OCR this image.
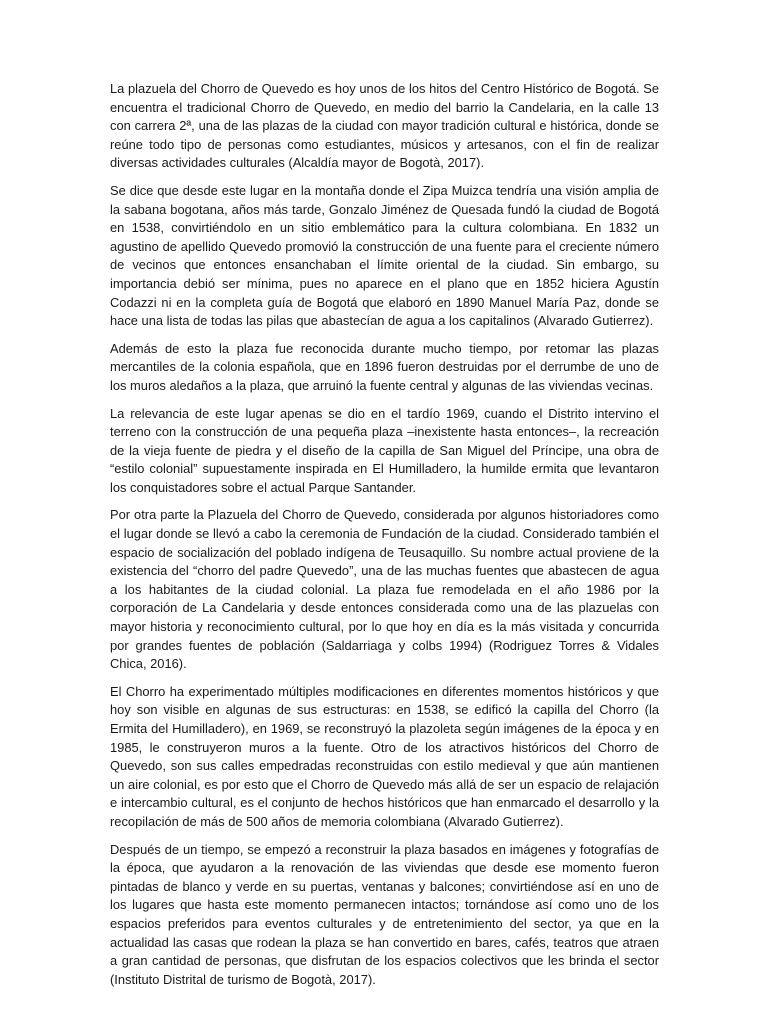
La plazuela del Chorro de Quevedo es hoy unos de los hitos del Centro Histórico de Bogotá. Se encuentra el tradicional Chorro de Quevedo, en medio del barrio la Candelaria, en la calle 13 con carrera 2ª, una de las plazas de la ciudad con mayor tradición cultural e histórica, donde se reúne todo tipo de personas como estudiantes, músicos y artesanos, con el fin de realizar diversas actividades culturales (Alcaldía mayor de Bogotà, 2017).

Se dice que desde este lugar en la montaña donde el Zipa Muizca tendría una visión amplia de la sabana bogotana, años más tarde, Gonzalo Jiménez de Quesada fundó la ciudad de Bogotá en 1538, convirtiéndolo en un sitio emblemático para la cultura colombiana. En 1832 un agustino de apellido Quevedo promovió la construcción de una fuente para el creciente número de vecinos que entonces ensanchaban el límite oriental de la ciudad. Sin embargo, su importancia debió ser mínima, pues no aparece en el plano que en 1852 hiciera Agustín Codazzi ni en la completa guía de Bogotá que elaboró en 1890 Manuel María Paz, donde se hace una lista de todas las pilas que abastecían de agua a los capitalinos (Alvarado Gutierrez).

Además de esto la plaza fue reconocida durante mucho tiempo, por retomar las plazas mercantiles de la colonia española, que en 1896 fueron destruidas por el derrumbe de uno de los muros aledaños a la plaza, que arruinó la fuente central y algunas de las viviendas vecinas.

La relevancia de este lugar apenas se dio en el tardío 1969, cuando el Distrito intervino el terreno con la construcción de una pequeña plaza –inexistente hasta entonces–, la recreación de la vieja fuente de piedra y el diseño de la capilla de San Miguel del Príncipe, una obra de “estilo colonial” supuestamente inspirada en El Humilladero, la humilde ermita que levantaron los conquistadores sobre el actual Parque Santander.

Por otra parte la Plazuela del Chorro de Quevedo, considerada por algunos historiadores como el lugar donde se llevó a cabo la ceremonia de Fundación de la ciudad. Considerado también el espacio de socialización del poblado indígena de Teusaquillo. Su nombre actual proviene de la existencia del “chorro del padre Quevedo”, una de las muchas fuentes que abastecen de agua a los habitantes de la ciudad colonial. La plaza fue remodelada en el año 1986 por la corporación de La Candelaria y desde entonces considerada como una de las plazuelas con mayor historia y reconocimiento cultural, por lo que hoy en día es la más visitada y concurrida por grandes fuentes de población (Saldarriaga y colbs 1994) (Rodriguez Torres & Vidales Chica, 2016).

El Chorro ha experimentado múltiples modificaciones en diferentes momentos históricos y que hoy son visible en algunas de sus estructuras: en 1538, se edificó la capilla del Chorro (la Ermita del Humilladero), en 1969, se reconstruyó la plazoleta según imágenes de la época y en 1985, le construyeron muros a la fuente. Otro de los atractivos históricos del Chorro de Quevedo, son sus calles empedradas reconstruidas con estilo medieval y que aún mantienen un aire colonial, es por esto que el Chorro de Quevedo más allá de ser un espacio de relajación e intercambio cultural, es el conjunto de hechos históricos que han enmarcado el desarrollo y la recopilación de más de 500 años de memoria colombiana (Alvarado Gutierrez).

Después de un tiempo, se empezó a reconstruir la plaza basados en imágenes y fotografías de la época, que ayudaron a la renovación de las viviendas que desde ese momento fueron pintadas de blanco y verde en su puertas, ventanas y balcones; convirtiéndose así en uno de los lugares que hasta este momento permanecen intactos; tornándose así como uno de los espacios preferidos para eventos culturales y de entretenimiento del sector, ya que en la actualidad las casas que rodean la plaza se han convertido en bares, cafés, teatros que atraen a gran cantidad de personas, que disfrutan de los espacios colectivos que les brinda el sector (Instituto Distrital de turismo de Bogotà, 2017).
